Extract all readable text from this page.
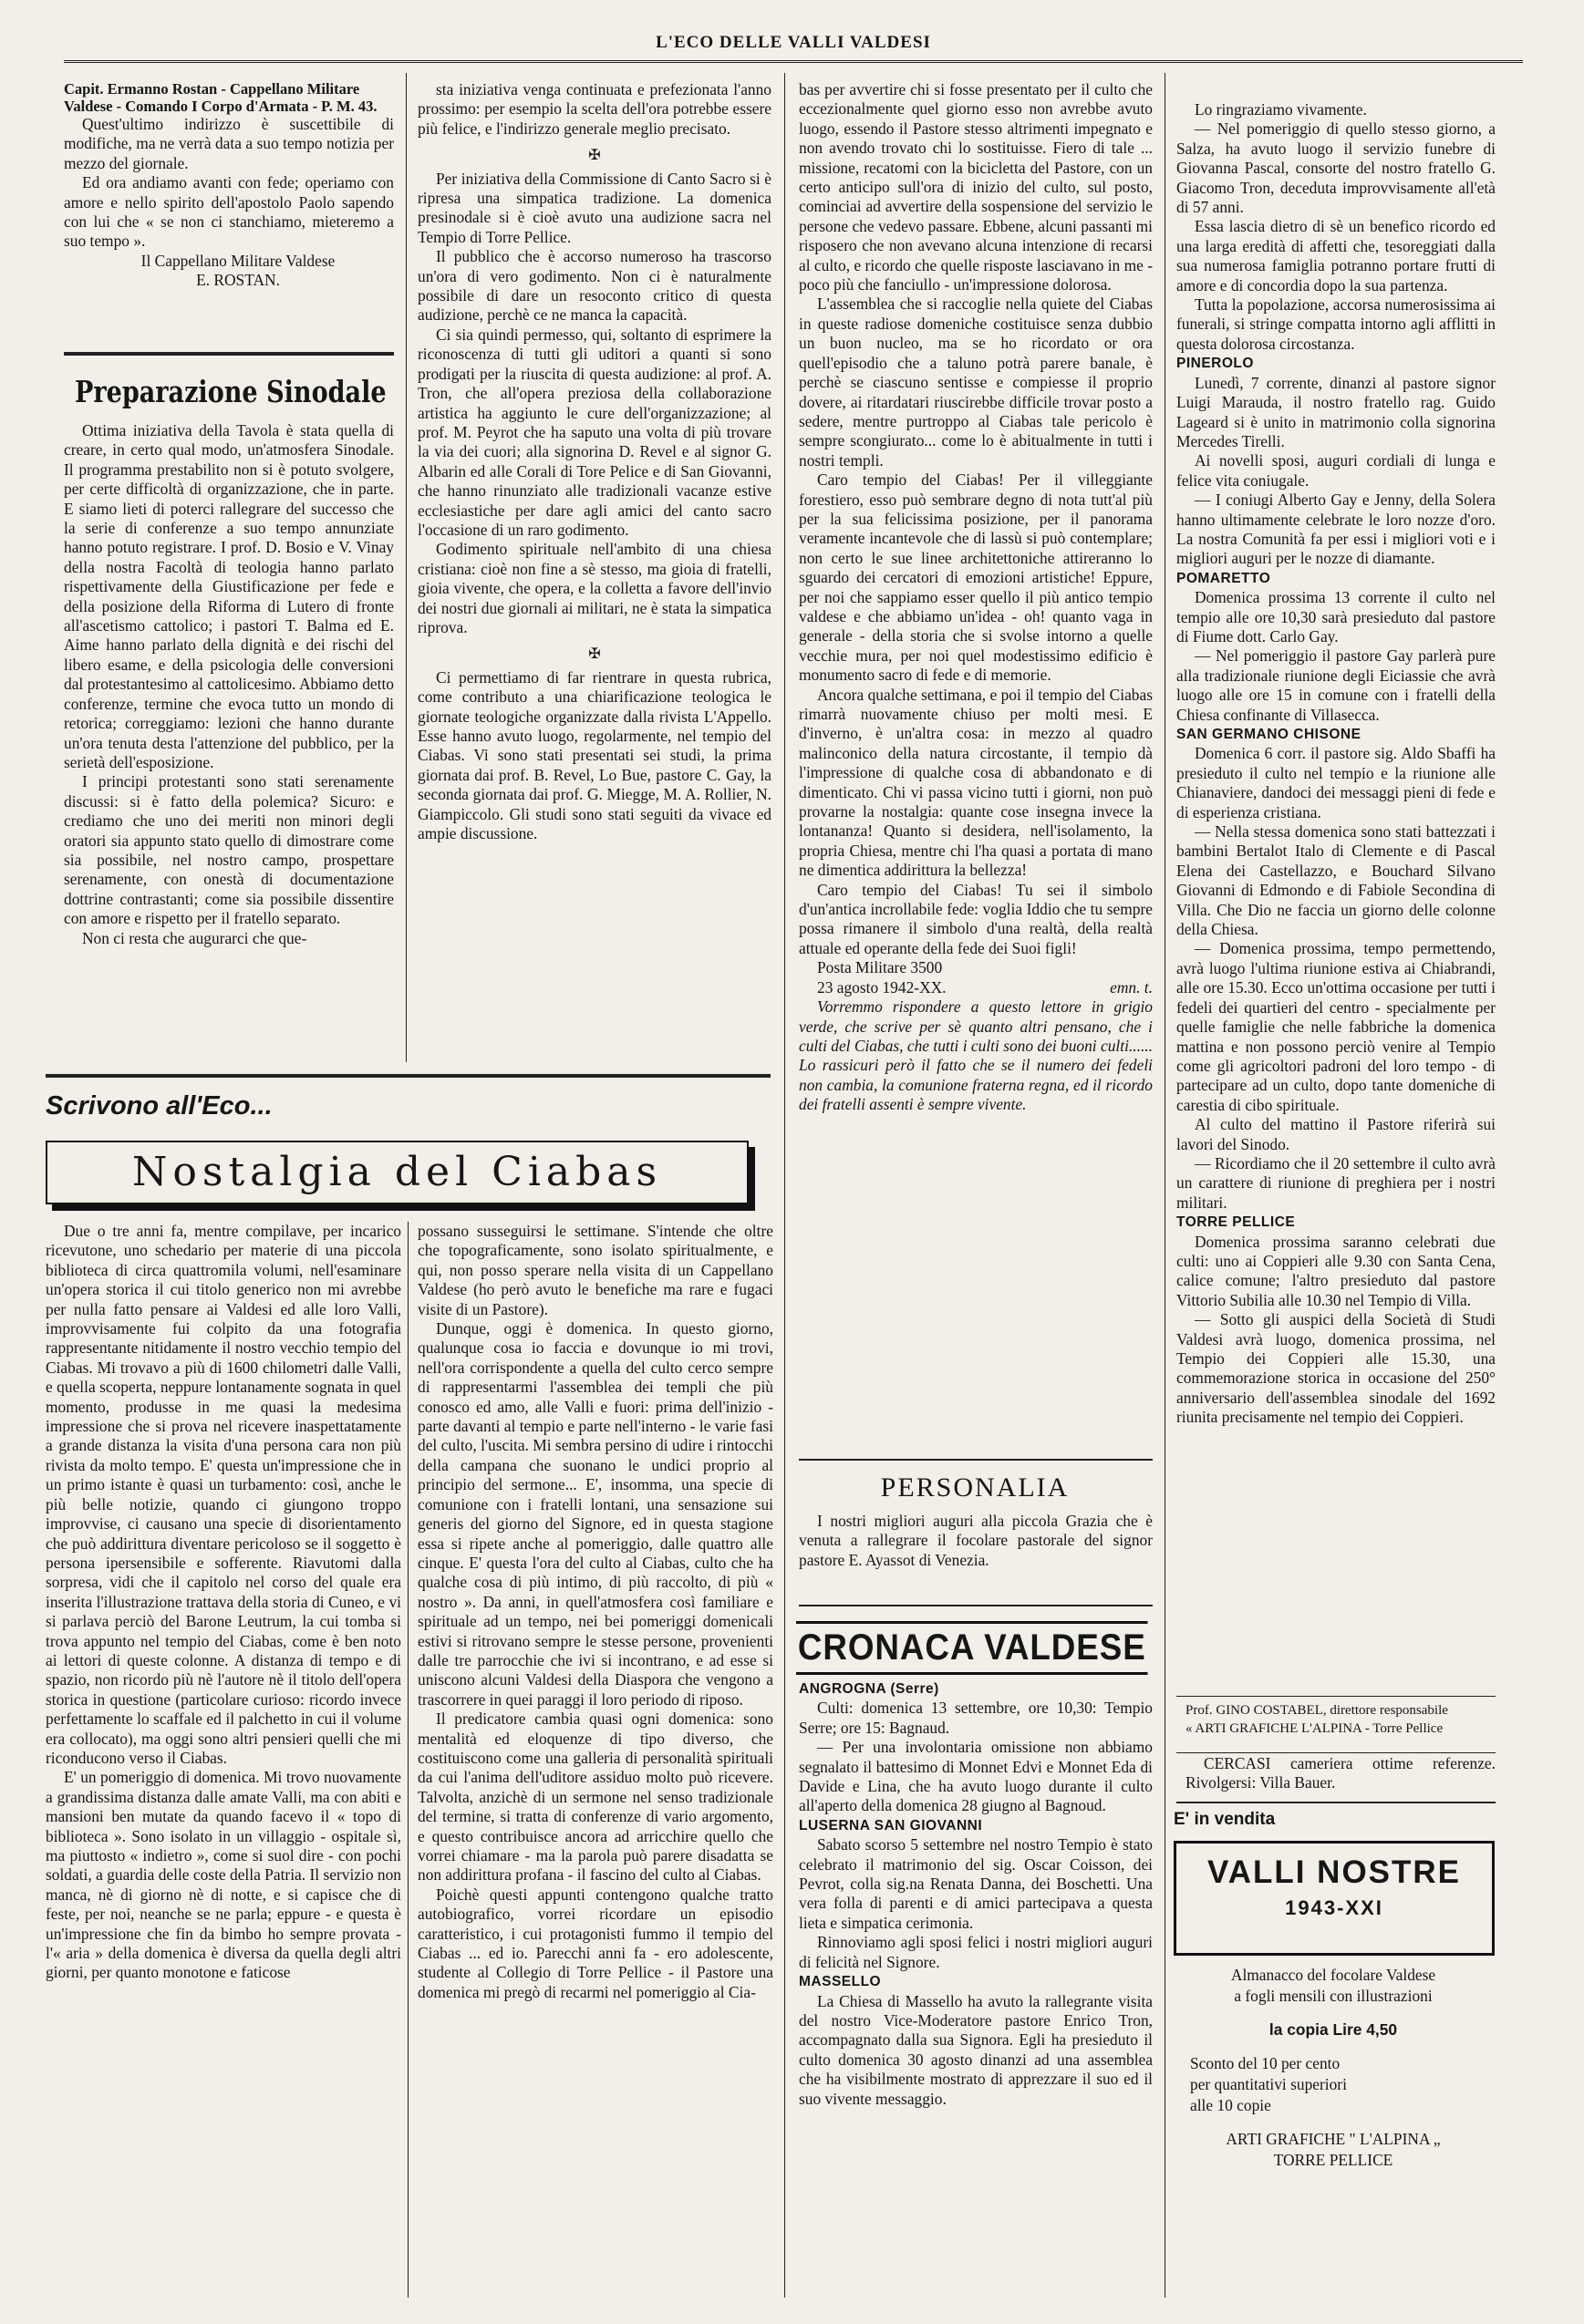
L'ECO DELLE VALLI VALDESI

Capit. Ermanno Rostan - Cappellano Militare Valdese - Comando I Corpo d'Armata - P. M. 43.

Quest'ultimo indirizzo è suscettibile di modifiche, ma ne verrà data a suo tempo notizia per mezzo del giornale.

Ed ora andiamo avanti con fede; operiamo con amore e nello spirito dell'apostolo Paolo sapendo con lui che « se non ci stanchiamo, mieteremo a suo tempo ».

Il Cappellano Militare Valdese

E. ROSTAN.

Preparazione Sinodale

Ottima iniziativa della Tavola è stata quella di creare, in certo qual modo, un'atmosfera Sinodale. Il programma prestabilito non si è potuto svolgere, per certe difficoltà di organizzazione, che in parte. E siamo lieti di poterci rallegrare del successo che la serie di conferenze a suo tempo annunziate hanno potuto registrare. I prof. D. Bosio e V. Vinay della nostra Facoltà di teologia hanno parlato rispettivamente della Giustificazione per fede e della posizione della Riforma di Lutero di fronte all'ascetismo cattolico; i pastori T. Balma ed E. Aime hanno parlato della dignità e dei rischi del libero esame, e della psicologia delle conversioni dal protestantesimo al cattolicesimo. Abbiamo detto conferenze, termine che evoca tutto un mondo di retorica; correggiamo: lezioni che hanno durante un'ora tenuta desta l'attenzione del pubblico, per la serietà dell'esposizione.

I principi protestanti sono stati serenamente discussi: si è fatto della polemica? Sicuro: e crediamo che uno dei meriti non minori degli oratori sia appunto stato quello di dimostrare come sia possibile, nel nostro campo, prospettare serenamente, con onestà di documentazione dottrine contrastanti; come sia possibile dissentire con amore e rispetto per il fratello separato.

Non ci resta che augurarci che que-

sta iniziativa venga continuata e prefezionata l'anno prossimo: per esempio la scelta dell'ora potrebbe essere più felice, e l'indirizzo generale meglio precisato.

✠

Per iniziativa della Commissione di Canto Sacro si è ripresa una simpatica tradizione. La domenica presinodale si è cioè avuto una audizione sacra nel Tempio di Torre Pellice.

Il pubblico che è accorso numeroso ha trascorso un'ora di vero godimento. Non ci è naturalmente possibile di dare un resoconto critico di questa audizione, perchè ce ne manca la capacità.

Ci sia quindi permesso, qui, soltanto di esprimere la riconoscenza di tutti gli uditori a quanti si sono prodigati per la riuscita di questa audizione: al prof. A. Tron, che all'opera preziosa della collaborazione artistica ha aggiunto le cure dell'organizzazione; al prof. M. Peyrot che ha saputo una volta di più trovare la via dei cuori; alla signorina D. Revel e al signor G. Albarin ed alle Corali di Tore Pelice e di San Giovanni, che hanno rinunziato alle tradizionali vacanze estive ecclesiastiche per dare agli amici del canto sacro l'occasione di un raro godimento.

Godimento spirituale nell'ambito di una chiesa cristiana: cioè non fine a sè stesso, ma gioia di fratelli, gioia vivente, che opera, e la colletta a favore dell'invio dei nostri due giornali ai militari, ne è stata la simpatica riprova.

✠

Ci permettiamo di far rientrare in questa rubrica, come contributo a una chiarificazione teologica le giornate teologiche organizzate dalla rivista L'Appello. Esse hanno avuto luogo, regolarmente, nel tempio del Ciabas. Vi sono stati presentati sei studi, la prima giornata dai prof. B. Revel, Lo Bue, pastore C. Gay, la seconda giornata dai prof. G. Miegge, M. A. Rollier, N. Giampiccolo. Gli studi sono stati seguiti da vivace ed ampie discussione.

bas per avvertire chi si fosse presentato per il culto che eccezionalmente quel giorno esso non avrebbe avuto luogo, essendo il Pastore stesso altrimenti impegnato e non avendo trovato chi lo sostituisse. Fiero di tale ... missione, recatomi con la bicicletta del Pastore, con un certo anticipo sull'ora di inizio del culto, sul posto, cominciai ad avvertire della sospensione del servizio le persone che vedevo passare. Ebbene, alcuni passanti mi risposero che non avevano alcuna intenzione di recarsi al culto, e ricordo che quelle risposte lasciavano in me - poco più che fanciullo - un'impressione dolorosa.

L'assemblea che si raccoglie nella quiete del Ciabas in queste radiose domeniche costituisce senza dubbio un buon nucleo, ma se ho ricordato or ora quell'episodio che a taluno potrà parere banale, è perchè se ciascuno sentisse e compiesse il proprio dovere, ai ritardatari riuscirebbe difficile trovar posto a sedere, mentre purtroppo al Ciabas tale pericolo è sempre scongiurato... come lo è abitualmente in tutti i nostri templi.

Caro tempio del Ciabas! Per il villeggiante forestiero, esso può sembrare degno di nota tutt'al più per la sua felicissima posizione, per il panorama veramente incantevole che di lassù si può contemplare; non certo le sue linee architettoniche attireranno lo sguardo dei cercatori di emozioni artistiche! Eppure, per noi che sappiamo esser quello il più antico tempio valdese e che abbiamo un'idea - oh! quanto vaga in generale - della storia che si svolse intorno a quelle vecchie mura, per noi quel modestissimo edificio è monumento sacro di fede e di memorie.

Ancora qualche settimana, e poi il tempio del Ciabas rimarrà nuovamente chiuso per molti mesi. E d'inverno, è un'altra cosa: in mezzo al quadro malinconico della natura circostante, il tempio dà l'impressione di qualche cosa di abbandonato e di dimenticato. Chi vi passa vicino tutti i giorni, non può provarne la nostalgia: quante cose insegna invece la lontananza! Quanto si desidera, nell'isolamento, la propria Chiesa, mentre chi l'ha quasi a portata di mano ne dimentica addirittura la bellezza!

Caro tempio del Ciabas! Tu sei il simbolo d'un'antica incrollabile fede: voglia Iddio che tu sempre possa rimanere il simbolo d'una realtà, della realtà attuale ed operante della fede dei Suoi figli!

Posta Militare 3500

23 agosto 1942-XX.	emn. t.

Vorremmo rispondere a questo lettore in grigio verde, che scrive per sè quanto altri pensano, che i culti del Ciabas, che tutti i culti sono dei buoni culti...... Lo rassicuri però il fatto che se il numero dei fedeli non cambia, la comunione fraterna regna, ed il ricordo dei fratelli assenti è sempre vivente.

PERSONALIA

I nostri migliori auguri alla piccola Grazia che è venuta a rallegrare il focolare pastorale del signor pastore E. Ayassot di Venezia.

CRONACA VALDESE

ANGROGNA (Serre)

Culti: domenica 13 settembre, ore 10,30: Tempio Serre; ore 15: Bagnaud.

— Per una involontaria omissione non abbiamo segnalato il battesimo di Monnet Edvi e Monnet Eda di Davide e Lina, che ha avuto luogo durante il culto all'aperto della domenica 28 giugno al Bagnoud.

LUSERNA SAN GIOVANNI

Sabato scorso 5 settembre nel nostro Tempio è stato celebrato il matrimonio del sig. Oscar Coisson, dei Pevrot, colla sig.na Renata Danna, dei Boschetti. Una vera folla di parenti e di amici partecipava a questa lieta e simpatica cerimonia.

Rinnoviamo agli sposi felici i nostri migliori auguri di felicità nel Signore.

MASSELLO

La Chiesa di Massello ha avuto la rallegrante visita del nostro Vice-Moderatore pastore Enrico Tron, accompagnato dalla sua Signora. Egli ha presieduto il culto domenica 30 agosto dinanzi ad una assemblea che ha visibilmente mostrato di apprezzare il suo ed il suo vivente messaggio.

Lo ringraziamo vivamente.

— Nel pomeriggio di quello stesso giorno, a Salza, ha avuto luogo il servizio funebre di Giovanna Pascal, consorte del nostro fratello G. Giacomo Tron, deceduta improvvisamente all'età di 57 anni.

Essa lascia dietro di sè un benefico ricordo ed una larga eredità di affetti che, tesoreggiati dalla sua numerosa famiglia potranno portare frutti di amore e di concordia dopo la sua partenza.

Tutta la popolazione, accorsa numerosissima ai funerali, si stringe compatta intorno agli afflitti in questa dolorosa circostanza.

PINEROLO

Lunedì, 7 corrente, dinanzi al pastore signor Luigi Marauda, il nostro fratello rag. Guido Lageard si è unito in matrimonio colla signorina Mercedes Tirelli.

Ai novelli sposi, auguri cordiali di lunga e felice vita coniugale.

— I coniugi Alberto Gay e Jenny, della Solera hanno ultimamente celebrate le loro nozze d'oro. La nostra Comunità fa per essi i migliori voti e i migliori auguri per le nozze di diamante.

POMARETTO

Domenica prossima 13 corrente il culto nel tempio alle ore 10,30 sarà presieduto dal pastore di Fiume dott. Carlo Gay.

— Nel pomeriggio il pastore Gay parlerà pure alla tradizionale riunione degli Eiciassie che avrà luogo alle ore 15 in comune con i fratelli della Chiesa confinante di Villasecca.

SAN GERMANO CHISONE

Domenica 6 corr. il pastore sig. Aldo Sbaffi ha presieduto il culto nel tempio e la riunione alle Chianaviere, dandoci dei messaggi pieni di fede e di esperienza cristiana.

— Nella stessa domenica sono stati battezzati i bambini Bertalot Italo di Clemente e di Pascal Elena dei Castellazzo, e Bouchard Silvano Giovanni di Edmondo e di Fabiole Secondina di Villa. Che Dio ne faccia un giorno delle colonne della Chiesa.

— Domenica prossima, tempo permettendo, avrà luogo l'ultima riunione estiva ai Chiabrandi, alle ore 15.30. Ecco un'ottima occasione per tutti i fedeli dei quartieri del centro - specialmente per quelle famiglie che nelle fabbriche la domenica mattina e non possono perciò venire al Tempio come gli agricoltori padroni del loro tempo - di partecipare ad un culto, dopo tante domeniche di carestia di cibo spirituale.

Al culto del mattino il Pastore riferirà sui lavori del Sinodo.

— Ricordiamo che il 20 settembre il culto avrà un carattere di riunione di preghiera per i nostri militari.

TORRE PELLICE

Domenica prossima saranno celebrati due culti: uno ai Coppieri alle 9.30 con Santa Cena, calice comune; l'altro presieduto dal pastore Vittorio Subilia alle 10.30 nel Tempio di Villa.

— Sotto gli auspici della Società di Studi Valdesi avrà luogo, domenica prossima, nel Tempio dei Coppieri alle 15.30, una commemorazione storica in occasione del 250° anniversario dell'assemblea sinodale del 1692 riunita precisamente nel tempio dei Coppieri.

Prof. GINO COSTABEL, direttore responsabile

« ARTI GRAFICHE L'ALPINA - Torre Pellice

CERCASI cameriera ottime referenze. Rivolgersi: Villa Bauer.

E' in vendita
VALLI NOSTRE
1943-XXI
Almanacco del focolare Valdese
a fogli mensili con illustrazioni
la copia Lire 4,50
Sconto del 10 per cento
per quantitativi superiori
alle 10 copie
ARTI GRAFICHE " L'ALPINA „
TORRE PELLICE
Scrivono all'Eco...
Nostalgia del Ciabas

Due o tre anni fa, mentre compilave, per incarico ricevutone, uno schedario per materie di una piccola biblioteca di circa quattromila volumi, nell'esaminare un'opera storica il cui titolo generico non mi avrebbe per nulla fatto pensare ai Valdesi ed alle loro Valli, improvvisamente fui colpito da una fotografia rappresentante nitidamente il nostro vecchio tempio del Ciabas. Mi trovavo a più di 1600 chilometri dalle Valli, e quella scoperta, neppure lontanamente sognata in quel momento, produsse in me quasi la medesima impressione che si prova nel ricevere inaspettatamente a grande distanza la visita d'una persona cara non più rivista da molto tempo. E' questa un'impressione che in un primo istante è quasi un turbamento: così, anche le più belle notizie, quando ci giungono troppo improvvise, ci causano una specie di disorientamento che può addirittura diventare pericoloso se il soggetto è persona ipersensibile e sofferente. Riavutomi dalla sorpresa, vidi che il capitolo nel corso del quale era inserita l'illustrazione trattava della storia di Cuneo, e vi si parlava perciò del Barone Leutrum, la cui tomba si trova appunto nel tempio del Ciabas, come è ben noto ai lettori di queste colonne. A distanza di tempo e di spazio, non ricordo più nè l'autore nè il titolo dell'opera storica in questione (particolare curioso: ricordo invece perfettamente lo scaffale ed il palchetto in cui il volume era collocato), ma oggi sono altri pensieri quelli che mi riconducono verso il Ciabas.

E' un pomeriggio di domenica. Mi trovo nuovamente a grandissima distanza dalle amate Valli, ma con abiti e mansioni ben mutate da quando facevo il « topo di biblioteca ». Sono isolato in un villaggio - ospitale sì, ma piuttosto « indietro », come si suol dire - con pochi soldati, a guardia delle coste della Patria. Il servizio non manca, nè di giorno nè di notte, e si capisce che di feste, per noi, neanche se ne parla; eppure - e questa è un'impressione che fin da bimbo ho sempre provata - l'« aria » della domenica è diversa da quella degli altri giorni, per quanto monotone e faticose

possano susseguirsi le settimane. S'intende che oltre che topograficamente, sono isolato spiritualmente, e qui, non posso sperare nella visita di un Cappellano Valdese (ho però avuto le benefiche ma rare e fugaci visite di un Pastore).

Dunque, oggi è domenica. In questo giorno, qualunque cosa io faccia e dovunque io mi trovi, nell'ora corrispondente a quella del culto cerco sempre di rappresentarmi l'assemblea dei templi che più conosco ed amo, alle Valli e fuori: prima dell'inizio - parte davanti al tempio e parte nell'interno - le varie fasi del culto, l'uscita. Mi sembra persino di udire i rintocchi della campana che suonano le undici proprio al principio del sermone... E', insomma, una specie di comunione con i fratelli lontani, una sensazione sui generis del giorno del Signore, ed in questa stagione essa si ripete anche al pomeriggio, dalle quattro alle cinque. E' questa l'ora del culto al Ciabas, culto che ha qualche cosa di più intimo, di più raccolto, di più « nostro ». Da anni, in quell'atmosfera così familiare e spirituale ad un tempo, nei bei pomeriggi domenicali estivi si ritrovano sempre le stesse persone, provenienti dalle tre parrocchie che ivi si incontrano, e ad esse si uniscono alcuni Valdesi della Diaspora che vengono a trascorrere in quei paraggi il loro periodo di riposo.

Il predicatore cambia quasi ogni domenica: sono mentalità ed eloquenze di tipo diverso, che costituiscono come una galleria di personalità spirituali da cui l'anima dell'uditore assiduo molto può ricevere. Talvolta, anzichè di un sermone nel senso tradizionale del termine, si tratta di conferenze di vario argomento, e questo contribuisce ancora ad arricchire quello che vorrei chiamare - ma la parola può parere disadatta se non addirittura profana - il fascino del culto al Ciabas.

Poichè questi appunti contengono qualche tratto autobiografico, vorrei ricordare un episodio caratteristico, i cui protagonisti fummo il tempio del Ciabas ... ed io. Parecchi anni fa - ero adolescente, studente al Collegio di Torre Pellice - il Pastore una domenica mi pregò di recarmi nel pomeriggio al Cia-
